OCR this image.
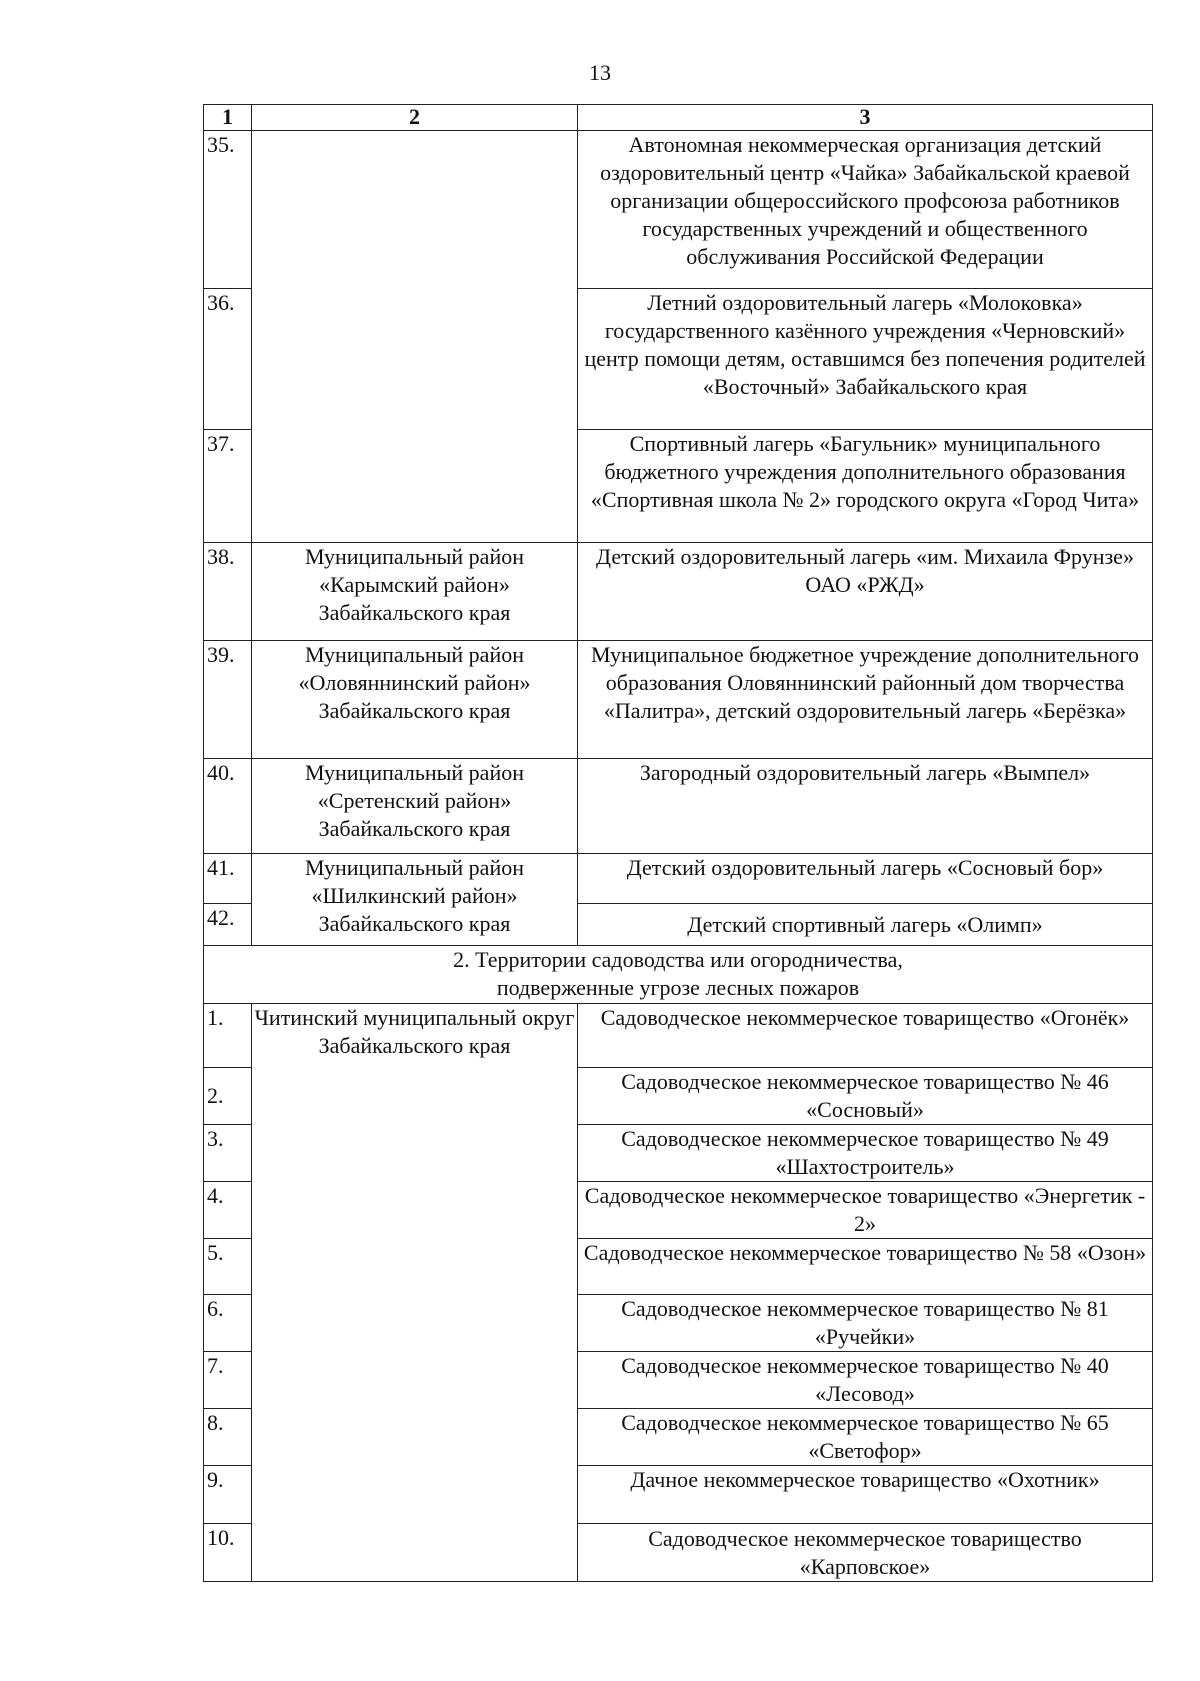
13
1	2	3
35.		Автономная некоммерческая организация детский оздоровительный центр «Чайка» Забайкальской краевой организации общероссийского профсоюза работников государственных учреждений и общественного обслуживания Российской Федерации
36.		Летний оздоровительный лагерь «Молоковка» государственного казённого учреждения «Черновский» центр помощи детям, оставшимся без попечения родителей «Восточный» Забайкальского края
37.		Спортивный лагерь «Багульник» муниципального бюджетного учреждения дополнительного образования «Спортивная школа № 2» городского округа «Город Чита»
38.	Муниципальный район «Карымский район» Забайкальского края	Детский оздоровительный лагерь «им. Михаила Фрунзе» ОАО «РЖД»
39.	Муниципальный район «Оловяннинский район» Забайкальского края	Муниципальное бюджетное учреждение дополнительного образования Оловяннинский районный дом творчества «Палитра», детский оздоровительный лагерь «Берёзка»
40.	Муниципальный район «Сретенский район» Забайкальского края	Загородный оздоровительный лагерь «Вымпел»
41.	Муниципальный район «Шилкинский район» Забайкальского края	Детский оздоровительный лагерь «Сосновый бор»
42.		Детский спортивный лагерь «Олимп»

2. Территории садоводства или огородничества,
подверженные угрозе лесных пожаров		

1.	Читинский муниципальный округ Забайкальского края	Садоводческое некоммерческое товарищество «Огонёк»
2.		Садоводческое некоммерческое товарищество № 46 «Сосновый»
3.		Садоводческое некоммерческое товарищество № 49 «Шахтостроитель»
4.		Садоводческое некоммерческое товарищество «Энергетик - 2»
5.		Садоводческое некоммерческое товарищество № 58 «Озон»
6.		Садоводческое некоммерческое товарищество № 81 «Ручейки»
7.		Садоводческое некоммерческое товарищество № 40 «Лесовод»
8.		Садоводческое некоммерческое товарищество № 65 «Светофор»
9.		Дачное некоммерческое товарищество «Охотник»
10.		Садоводческое некоммерческое товарищество «Карповское»
